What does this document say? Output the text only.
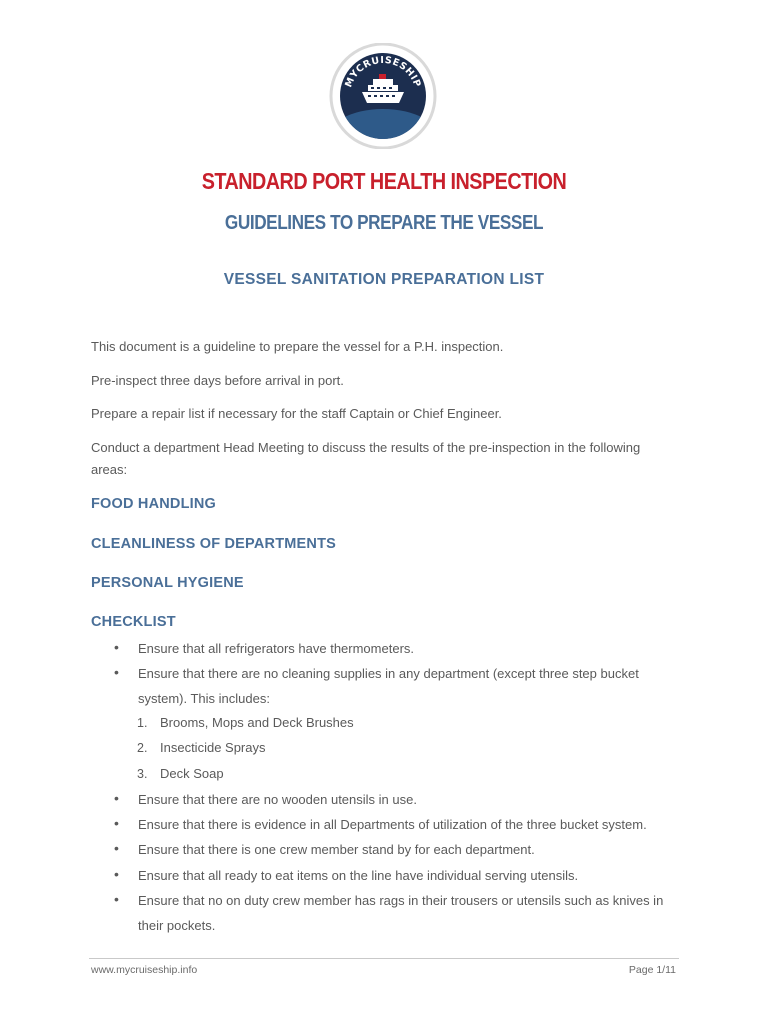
MYCRUISESHIP
STANDARD PORT HEALTH INSPECTION
GUIDELINES TO PREPARE THE VESSEL
VESSEL SANITATION PREPARATION LIST
This document is a guideline to prepare the vessel for a P.H. inspection.
Pre-inspect three days before arrival in port.
Prepare a repair list if necessary for the staff Captain or Chief Engineer.
Conduct a department Head Meeting to discuss the results of the pre-inspection in the following areas:
FOOD HANDLING
CLEANLINESS OF DEPARTMENTS
PERSONAL HYGIENE
CHECKLIST
• Ensure that all refrigerators have thermometers.
• Ensure that there are no cleaning supplies in any department (except three step bucket system). This includes:
1. Brooms, Mops and Deck Brushes
2. Insecticide Sprays
3. Deck Soap
• Ensure that there are no wooden utensils in use.
• Ensure that there is evidence in all Departments of utilization of the three bucket system.
• Ensure that there is one crew member stand by for each department.
• Ensure that all ready to eat items on the line have individual serving utensils.
• Ensure that no on duty crew member has rags in their trousers or utensils such as knives in their pockets.
www.mycruiseship.info	Page 1/11
